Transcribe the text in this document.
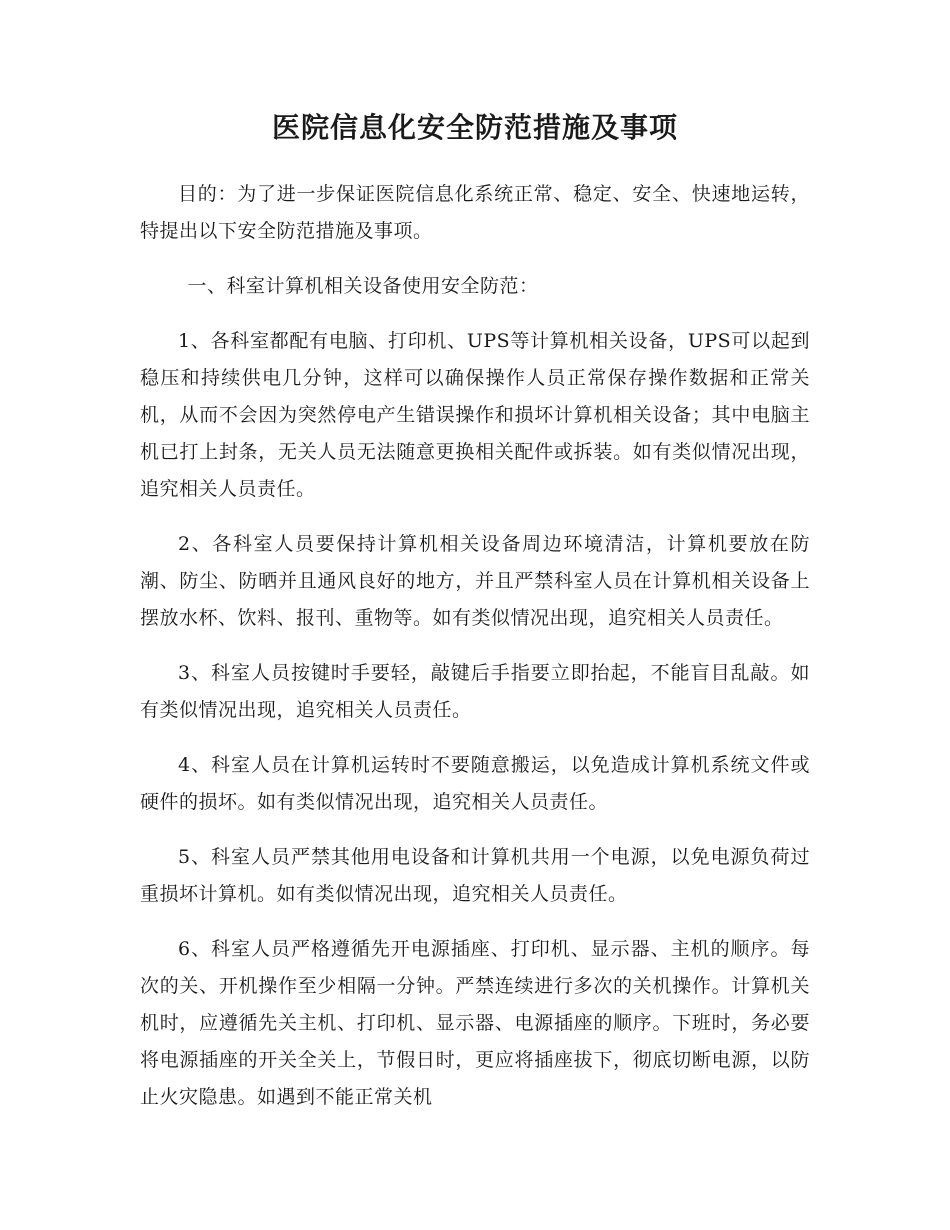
医院信息化安全防范措施及事项

目的：为了进一步保证医院信息化系统正常、稳定、安全、快速地运转，特提出以下安全防范措施及事项。

一、科室计算机相关设备使用安全防范：

1、各科室都配有电脑、打印机、UPS等计算机相关设备，UPS可以起到稳压和持续供电几分钟，这样可以确保操作人员正常保存操作数据和正常关机，从而不会因为突然停电产生错误操作和损坏计算机相关设备；其中电脑主机已打上封条，无关人员无法随意更换相关配件或拆装。如有类似情况出现，追究相关人员责任。

2、各科室人员要保持计算机相关设备周边环境清洁，计算机要放在防潮、防尘、防晒并且通风良好的地方，并且严禁科室人员在计算机相关设备上摆放水杯、饮料、报刊、重物等。如有类似情况出现，追究相关人员责任。

3、科室人员按键时手要轻，敲键后手指要立即抬起，不能盲目乱敲。如有类似情况出现，追究相关人员责任。

4、科室人员在计算机运转时不要随意搬运，以免造成计算机系统文件或硬件的损坏。如有类似情况出现，追究相关人员责任。

5、科室人员严禁其他用电设备和计算机共用一个电源，以免电源负荷过重损坏计算机。如有类似情况出现，追究相关人员责任。

6、科室人员严格遵循先开电源插座、打印机、显示器、主机的顺序。每次的关、开机操作至少相隔一分钟。严禁连续进行多次的关机操作。计算机关机时，应遵循先关主机、打印机、显示器、电源插座的顺序。下班时，务必要将电源插座的开关全关上，节假日时，更应将插座拔下，彻底切断电源，以防止火灾隐患。如遇到不能正常关机
